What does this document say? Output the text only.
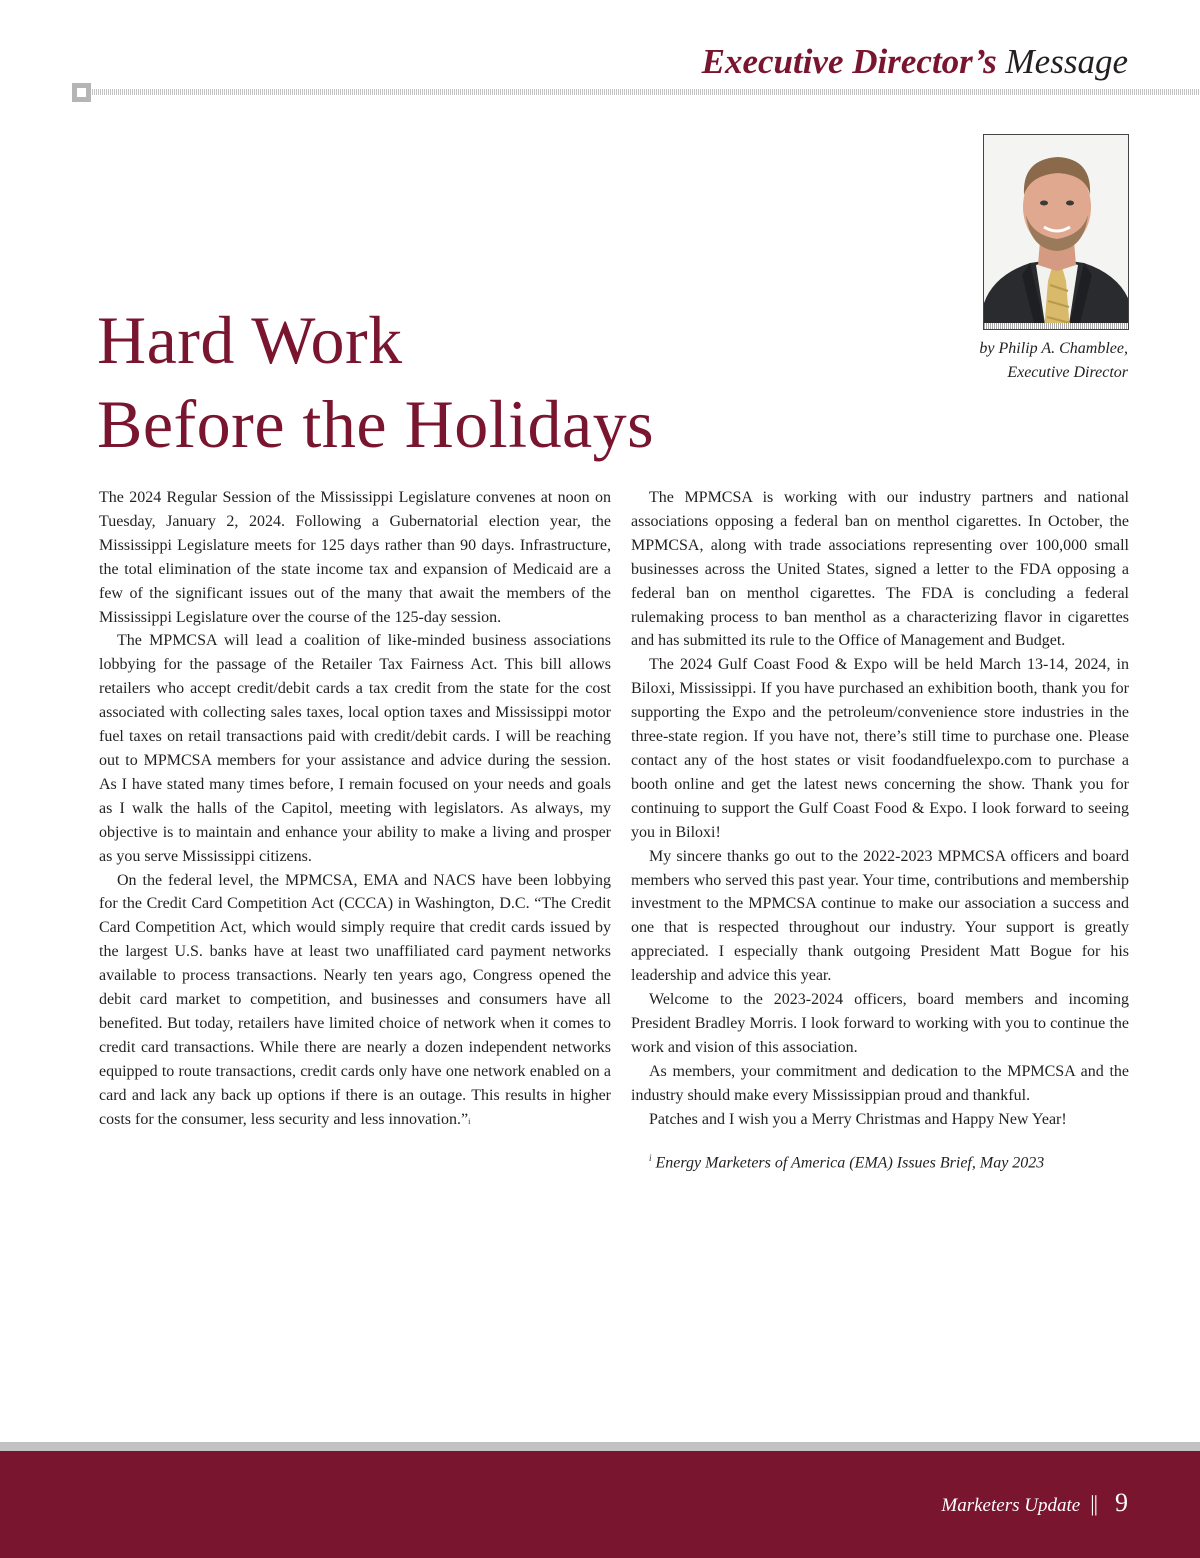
Executive Director’s Message
by Philip A. Chamblee,
Executive Director
Hard Work
Before the Holidays

The 2024 Regular Session of the Mississippi Legislature convenes at noon on Tuesday, January 2, 2024. Following a Gubernatorial election year, the Mississippi Legislature meets for 125 days rather than 90 days. Infrastructure, the total elimination of the state income tax and expansion of Medicaid are a few of the significant issues out of the many that await the members of the Mississippi Legislature over the course of the 125-day session.

The MPMCSA will lead a coalition of like-minded business associations lobbying for the passage of the Retailer Tax Fairness Act. This bill allows retailers who accept credit/debit cards a tax credit from the state for the cost associated with collecting sales taxes, local option taxes and Mississippi motor fuel taxes on retail transactions paid with credit/debit cards. I will be reaching out to MPMCSA members for your assistance and advice during the session. As I have stated many times before, I remain focused on your needs and goals as I walk the halls of the Capitol, meeting with legislators. As always, my objective is to maintain and enhance your ability to make a living and prosper as you serve Mississippi citizens.

On the federal level, the MPMCSA, EMA and NACS have been lobbying for the Credit Card Competition Act (CCCA) in Washington, D.C. “The Credit Card Competition Act, which would simply require that credit cards issued by the largest U.S. banks have at least two unaffiliated card payment networks available to process transactions. Nearly ten years ago, Congress opened the debit card market to competition, and businesses and consumers have all benefited. But today, retailers have limited choice of network when it comes to credit card transactions. While there are nearly a dozen independent networks equipped to route transactions, credit cards only have one network enabled on a card and lack any back up options if there is an outage. This results in higher costs for the consumer, less security and less innovation.”$^i$

The MPMCSA is working with our industry partners and national associations opposing a federal ban on menthol cigarettes. In October, the MPMCSA, along with trade associations representing over 100,000 small businesses across the United States, signed a letter to the FDA opposing a federal ban on menthol cigarettes. The FDA is concluding a federal rulemaking process to ban menthol as a characterizing flavor in cigarettes and has submitted its rule to the Office of Management and Budget.

The 2024 Gulf Coast Food & Expo will be held March 13-14, 2024, in Biloxi, Mississippi. If you have purchased an exhibition booth, thank you for supporting the Expo and the petroleum/convenience store industries in the three-state region. If you have not, there’s still time to purchase one. Please contact any of the host states or visit foodandfuelexpo.com to purchase a booth online and get the latest news concerning the show. Thank you for continuing to support the Gulf Coast Food & Expo. I look forward to seeing you in Biloxi!

My sincere thanks go out to the 2022-2023 MPMCSA officers and board members who served this past year. Your time, contributions and membership investment to the MPMCSA continue to make our association a success and one that is respected throughout our industry. Your support is greatly appreciated. I especially thank outgoing President Matt Bogue for his leadership and advice this year.

Welcome to the 2023-2024 officers, board members and incoming President Bradley Morris. I look forward to working with you to continue the work and vision of this association.

As members, your commitment and dedication to the MPMCSA and the industry should make every Mississippian proud and thankful.

Patches and I wish you a Merry Christmas and Happy New Year!

$^i$ Energy Marketers of America (EMA) Issues Brief, May 2023

Marketers Update || 9
